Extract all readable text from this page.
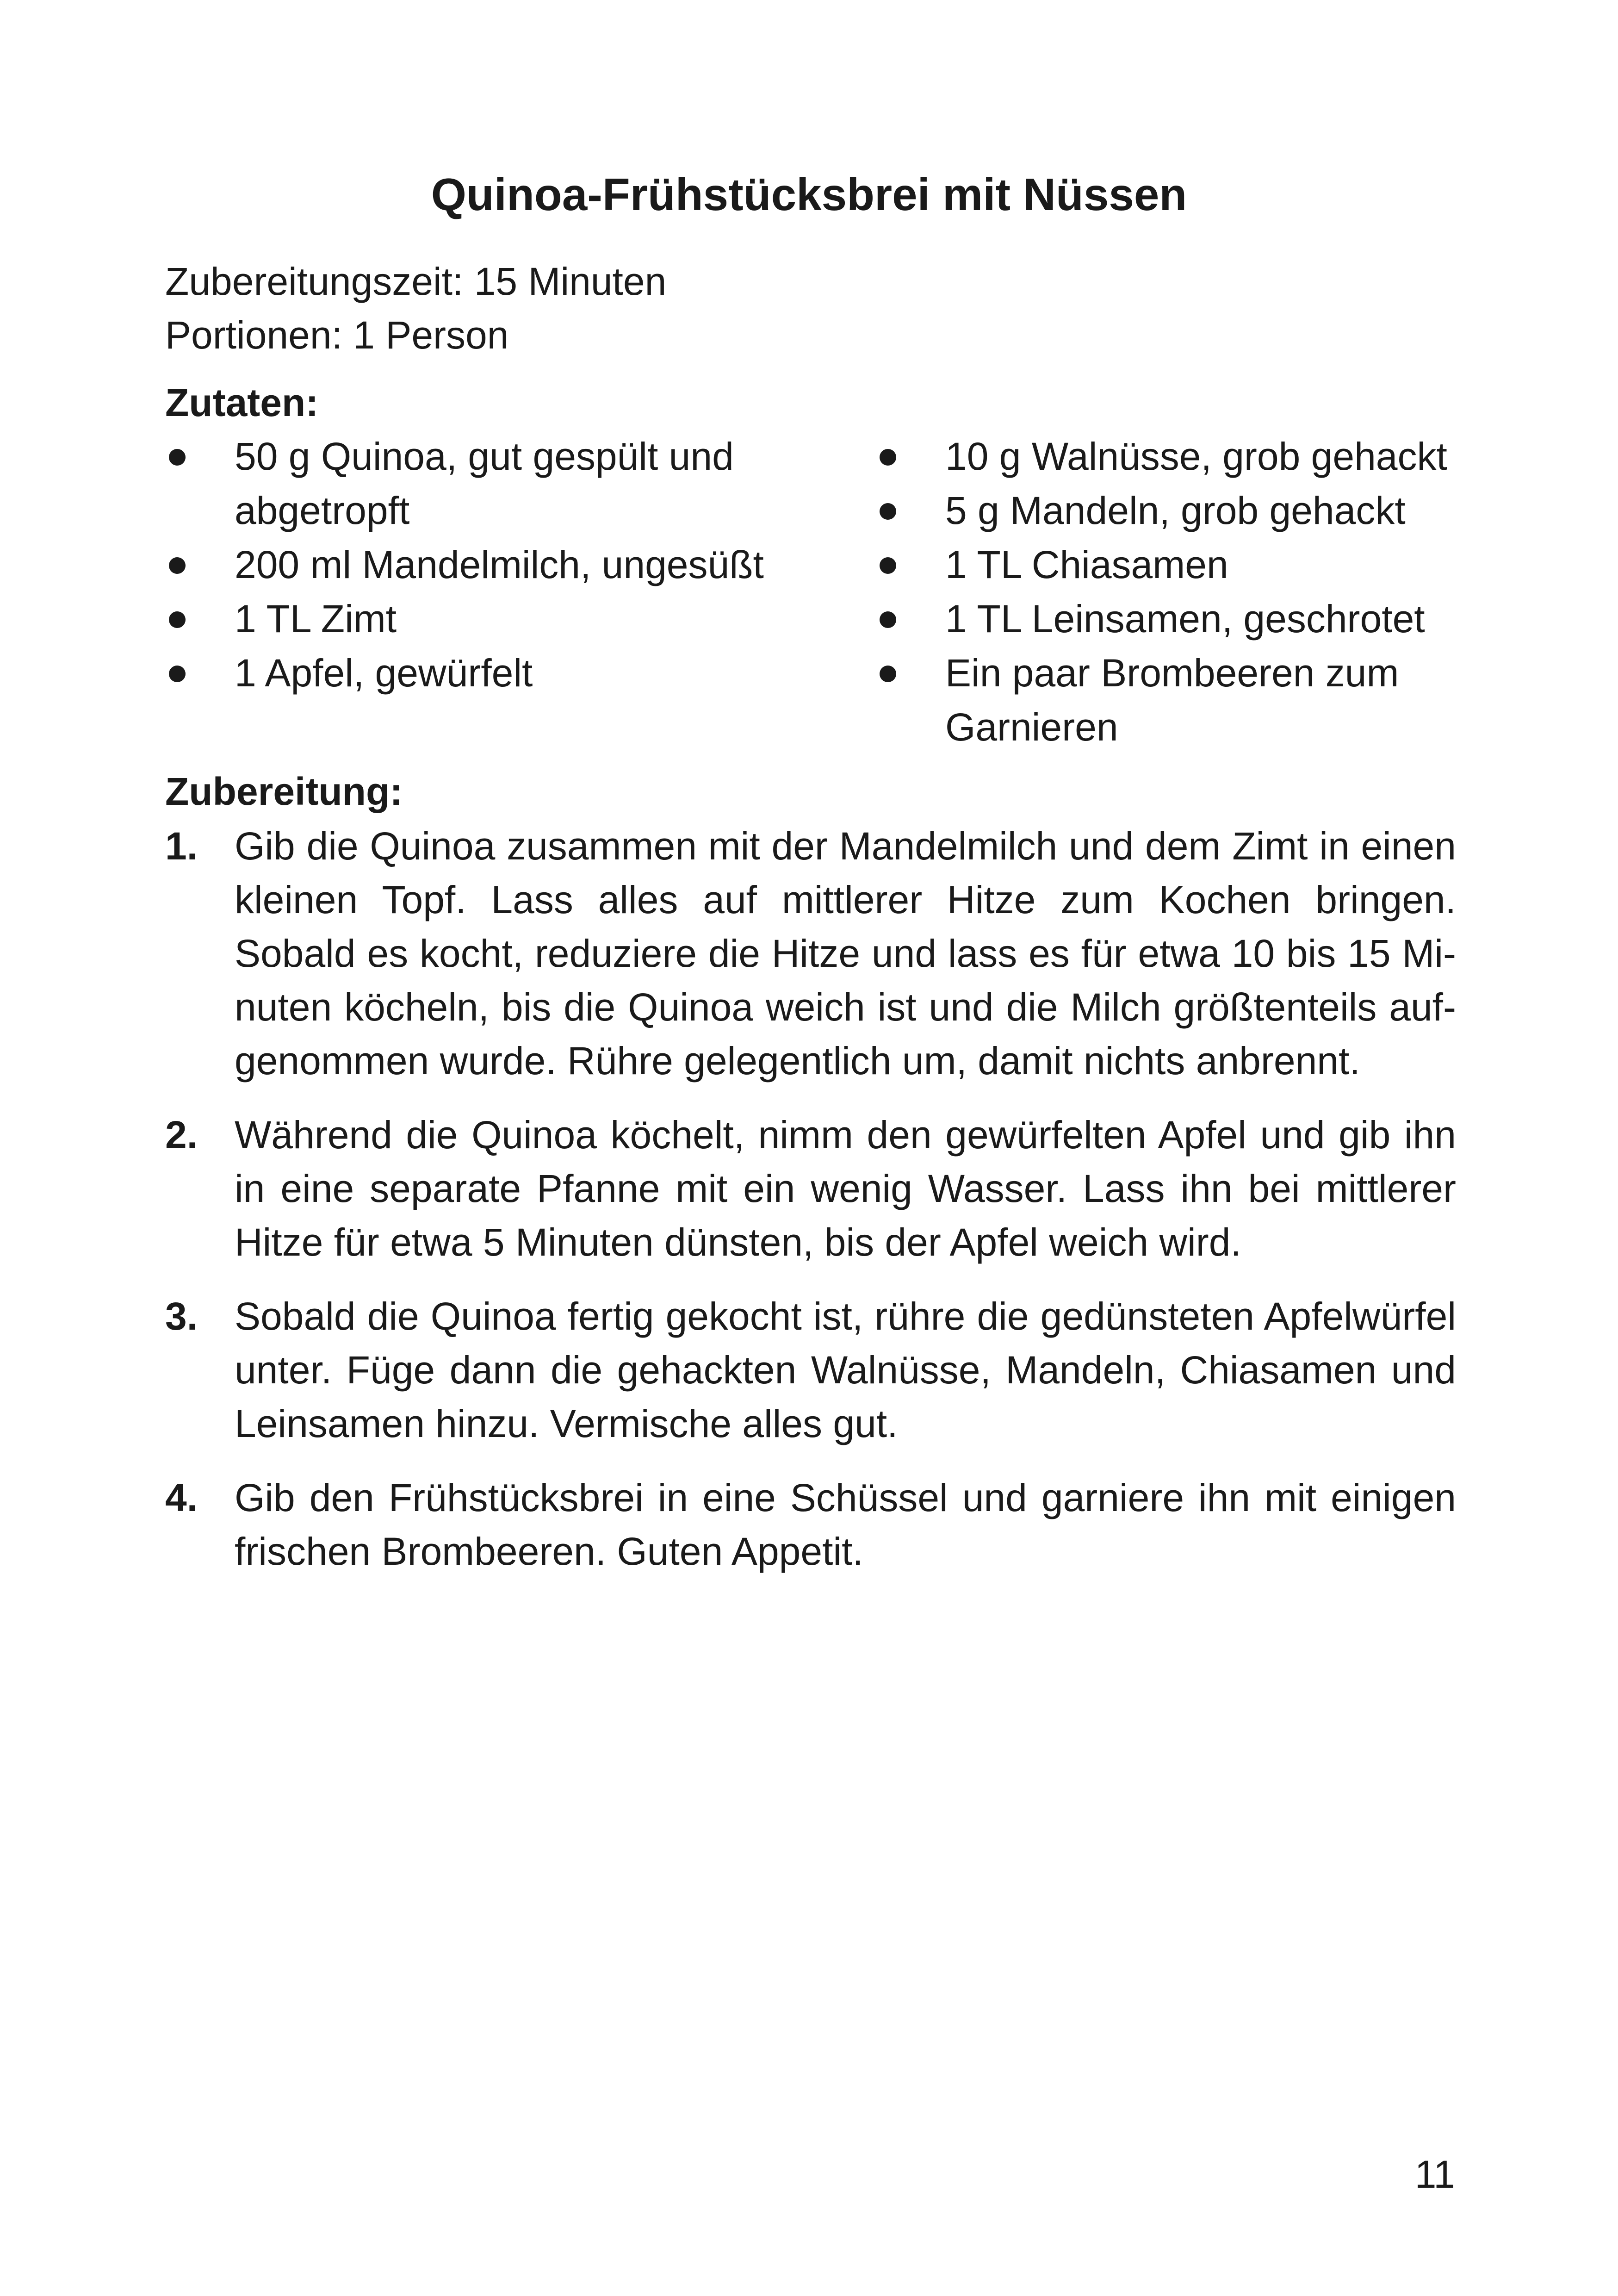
Quinoa-Frühstücksbrei mit Nüssen

Zubereitungszeit: 15 Minuten

Portionen: 1 Person

Zutaten:
50 g Quinoa, gut gespült und abgetropft
200 ml Mandelmilch, ungesüßt
1 TL Zimt
1 Apfel, gewürfelt
10 g Walnüsse, grob gehackt
5 g Mandeln, grob gehackt
1 TL Chiasamen
1 TL Leinsamen, geschrotet
Ein paar Brombeeren zum Garnieren
Zubereitung:
1. Gib die Quinoa zusammen mit der Mandelmilch und dem Zimt in einen kleinen Topf. Lass alles auf mittlerer Hitze zum Kochen bringen. Sobald es kocht, reduziere die Hitze und lass es für etwa 10 bis 15 Minuten köcheln, bis die Quinoa weich ist und die Milch größtenteils aufgenommen wurde. Rühre gelegentlich um, damit nichts anbrennt.
2. Während die Quinoa köchelt, nimm den gewürfelten Apfel und gib ihn in eine separate Pfanne mit ein wenig Wasser. Lass ihn bei mittlerer Hitze für etwa 5 Minuten dünsten, bis der Apfel weich wird.
3. Sobald die Quinoa fertig gekocht ist, rühre die gedünsteten Apfelwürfel unter. Füge dann die gehackten Walnüsse, Mandeln, Chiasamen und Leinsamen hinzu. Vermische alles gut.
4. Gib den Frühstücksbrei in eine Schüssel und garniere ihn mit einigen frischen Brombeeren. Guten Appetit.
11
